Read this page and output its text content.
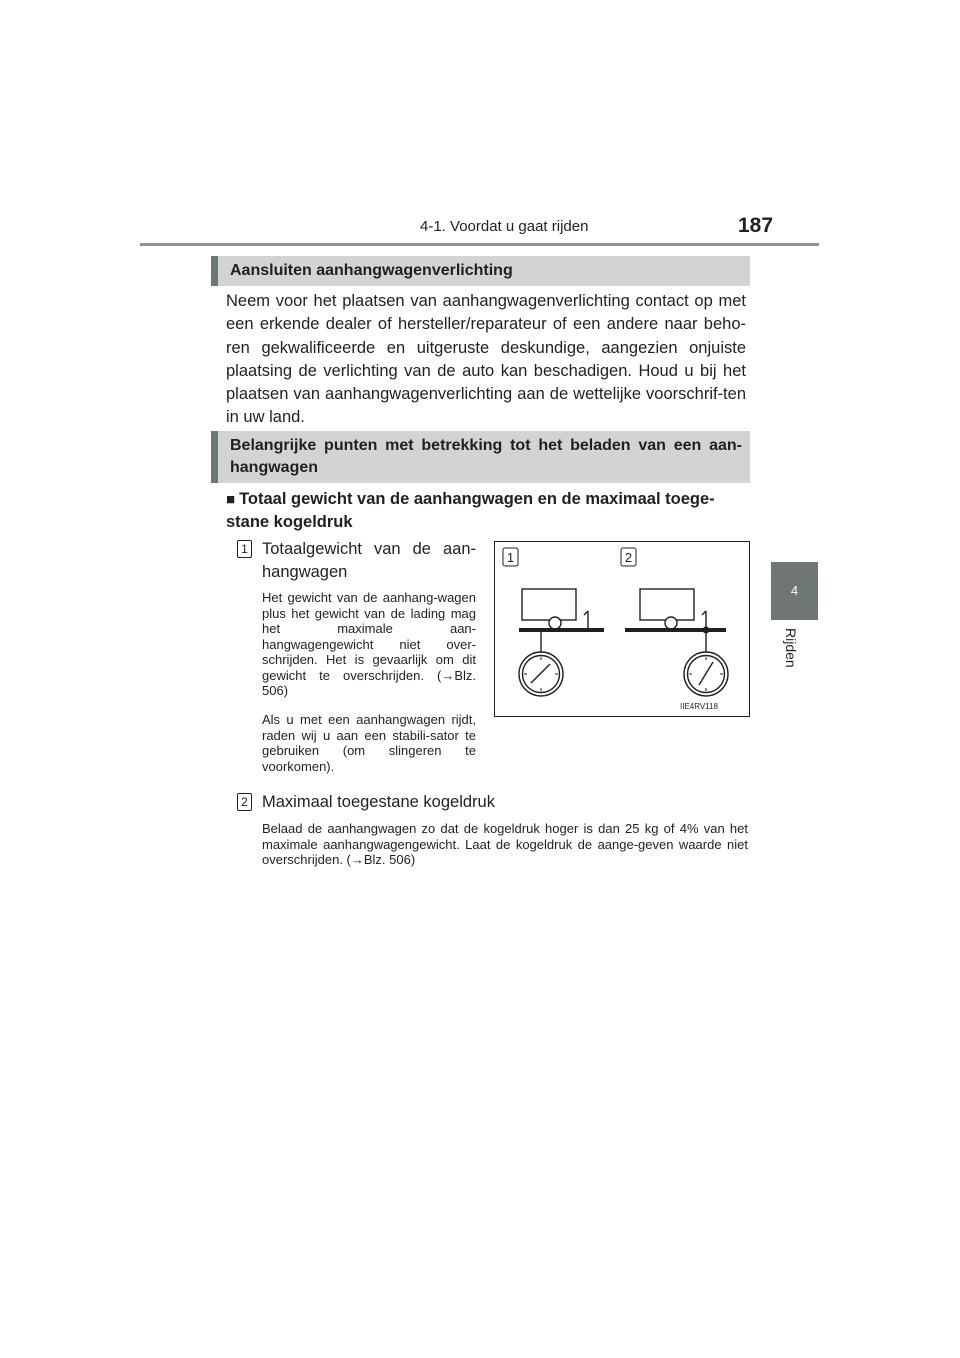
4-1. Voordat u gaat rijden	187
4
Rijden
Aansluiten aanhangwagenverlichting
Neem voor het plaatsen van aanhangwagenverlichting contact op met een erkende dealer of hersteller/reparateur of een andere naar beho-ren gekwalificeerde en uitgeruste deskundige, aangezien onjuiste plaatsing de verlichting van de auto kan beschadigen. Houd u bij het plaatsen van aanhangwagenverlichting aan de wettelijke voorschrif-ten in uw land.
Belangrijke punten met betrekking tot het beladen van een aan-hangwagen
■ Totaal gewicht van de aanhangwagen en de maximaal toege-stane kogeldruk
1 Totaalgewicht van de aan-hangwagen
Het gewicht van de aanhang-wagen plus het gewicht van de lading mag het maximale aan-hangwagengewicht niet over-schrijden. Het is gevaarlijk om dit gewicht te overschrijden. (→Blz. 506)
Als u met een aanhangwagen rijdt, raden wij u aan een stabili-sator te gebruiken (om slingeren te voorkomen).
2 Maximaal toegestane kogeldruk
Belaad de aanhangwagen zo dat de kogeldruk hoger is dan 25 kg of 4% van het maximale aanhangwagengewicht. Laat de kogeldruk de aange-geven waarde niet overschrijden. (→Blz. 506)
1	2
IIE4RV118
